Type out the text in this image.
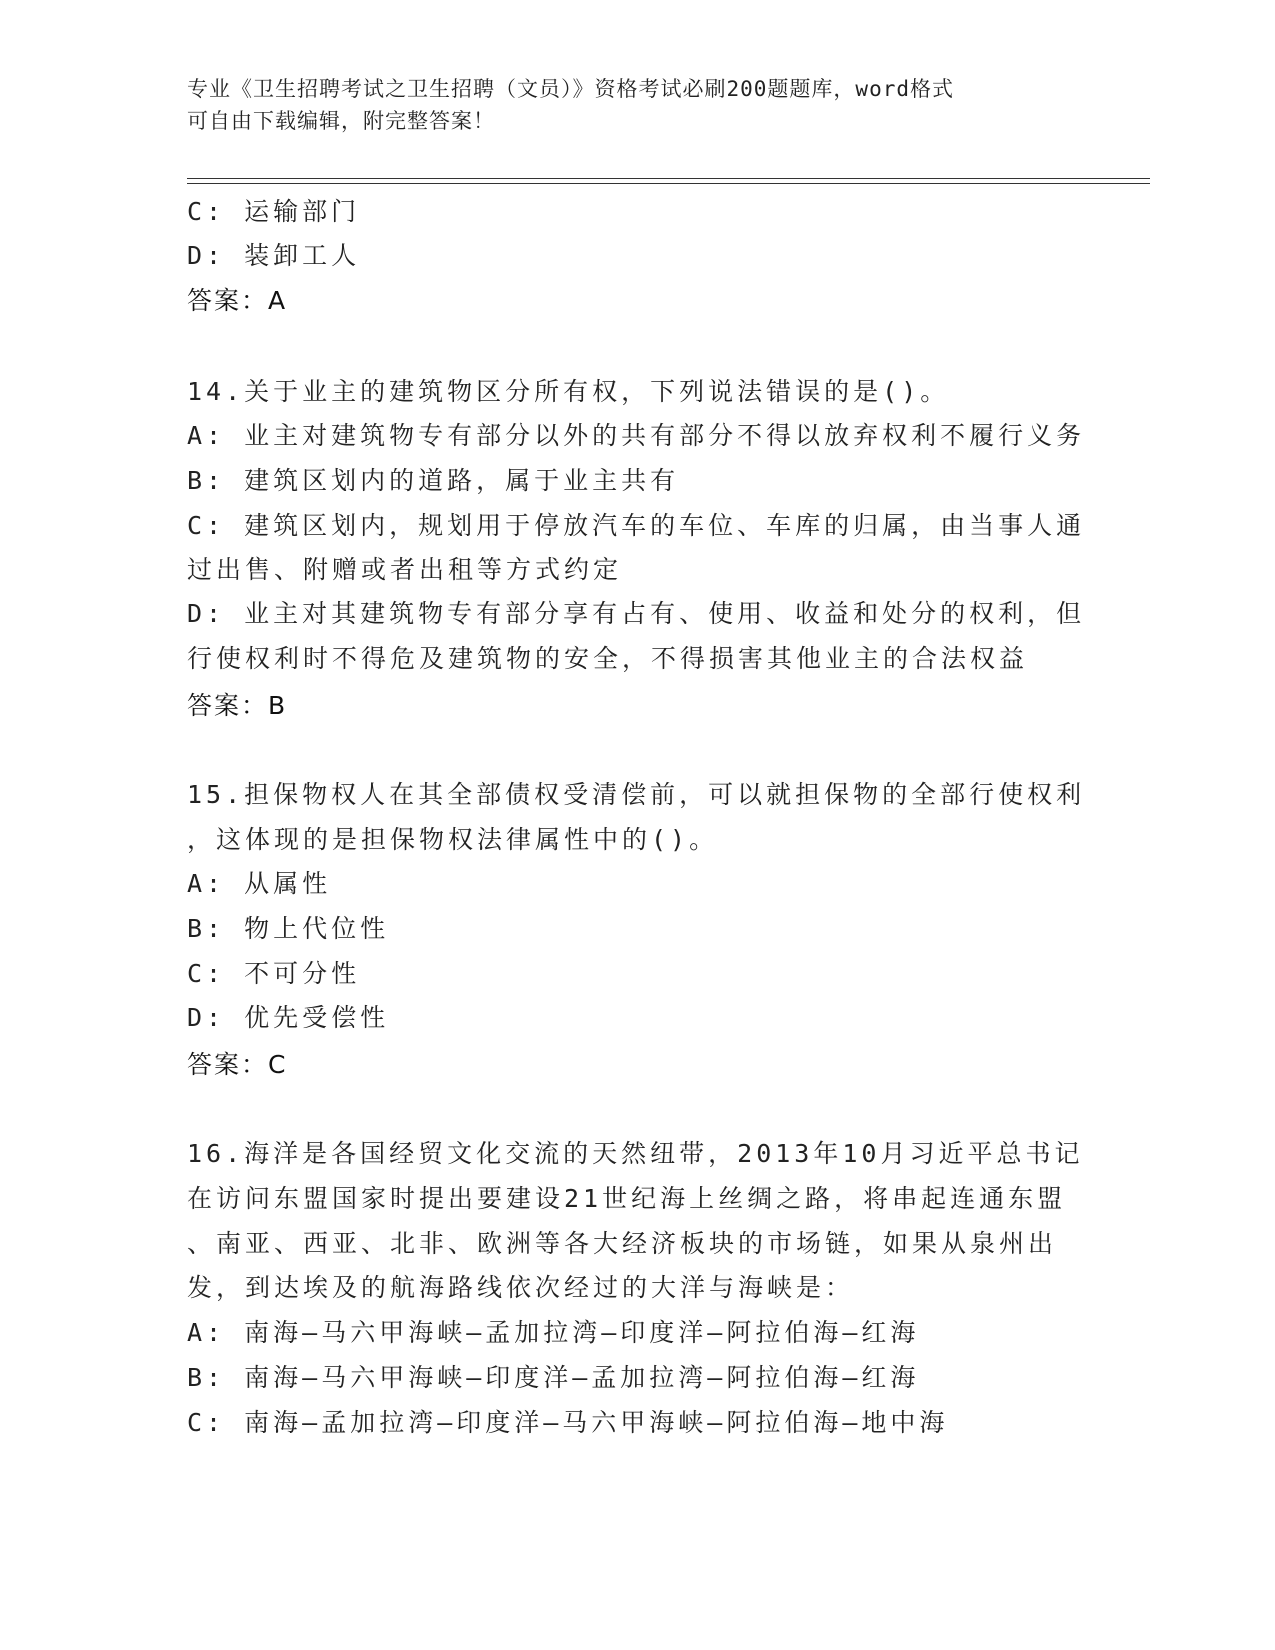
专业《卫生招聘考试之卫生招聘（文员）》资格考试必刷200题题库，word格式
可自由下载编辑，附完整答案！
C: 运输部门
D: 装卸工人
答案：A
14.关于业主的建筑物区分所有权，下列说法错误的是()。
A: 业主对建筑物专有部分以外的共有部分不得以放弃权利不履行义务
B: 建筑区划内的道路，属于业主共有
C: 建筑区划内，规划用于停放汽车的车位、车库的归属，由当事人通
过出售、附赠或者出租等方式约定
D: 业主对其建筑物专有部分享有占有、使用、收益和处分的权利，但
行使权利时不得危及建筑物的安全，不得损害其他业主的合法权益
答案：B
15.担保物权人在其全部债权受清偿前，可以就担保物的全部行使权利
，这体现的是担保物权法律属性中的()。
A: 从属性
B: 物上代位性
C: 不可分性
D: 优先受偿性
答案：C
16.海洋是各国经贸文化交流的天然纽带，2013年10月习近平总书记
在访问东盟国家时提出要建设21世纪海上丝绸之路，将串起连通东盟
、南亚、西亚、北非、欧洲等各大经济板块的市场链，如果从泉州出
发，到达埃及的航海路线依次经过的大洋与海峡是：
A: 南海—马六甲海峡—孟加拉湾—印度洋—阿拉伯海—红海
B: 南海—马六甲海峡—印度洋—孟加拉湾—阿拉伯海—红海
C: 南海—孟加拉湾—印度洋—马六甲海峡—阿拉伯海—地中海
